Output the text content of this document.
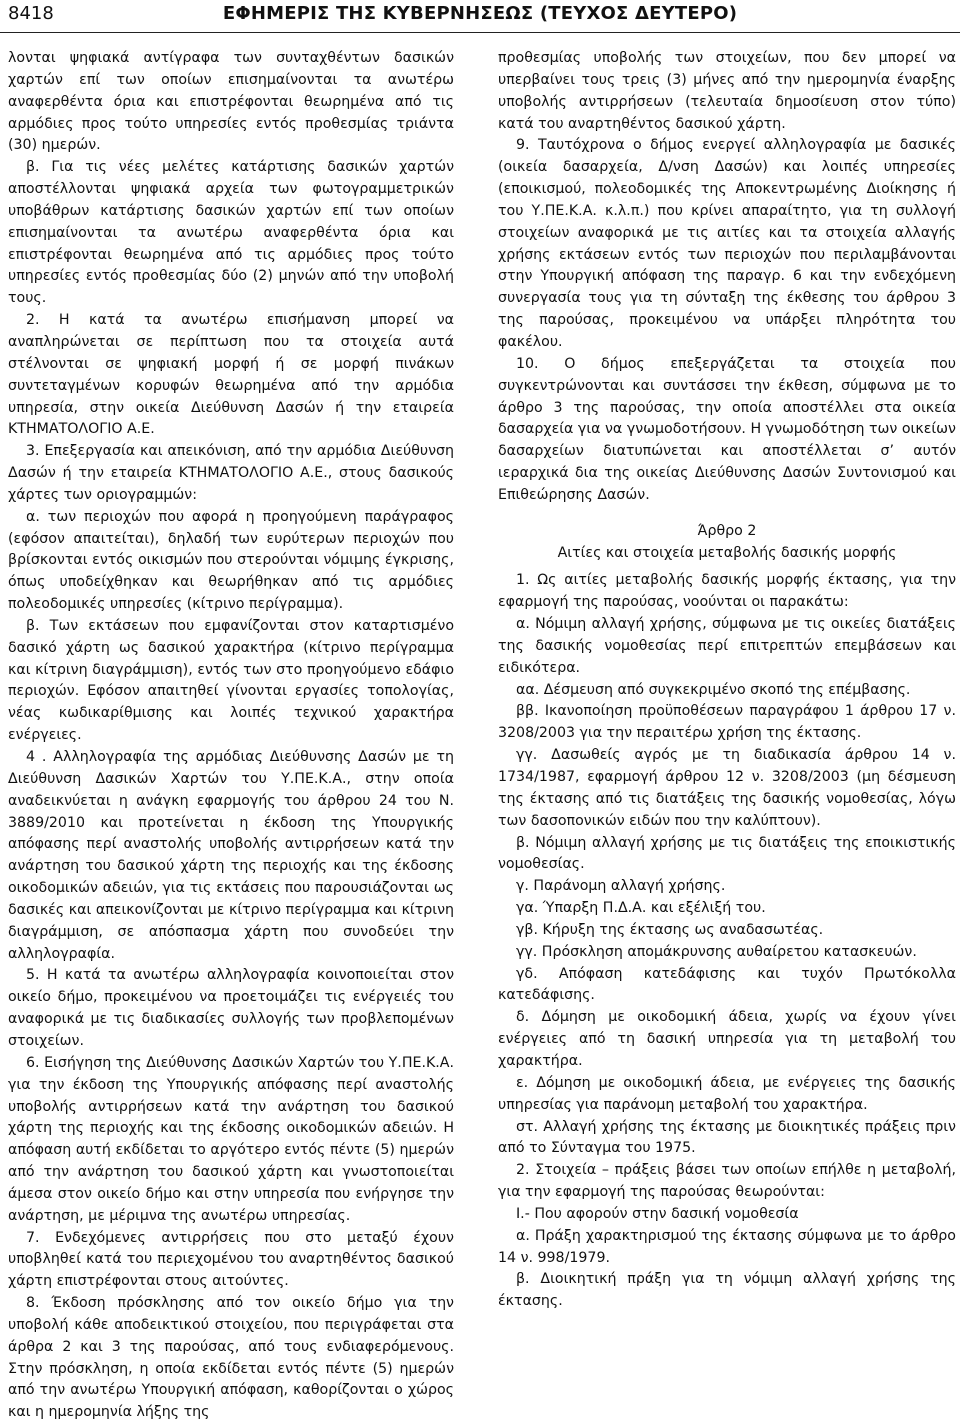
8418	ΕΦΗΜΕΡΙΣ ΤΗΣ ΚΥΒΕΡΝΗΣΕΩΣ (ΤΕΥΧΟΣ ΔΕΥΤΕΡΟ)

λονται ψηφιακά αντίγραφα των συνταχθέντων δασικών χαρτών επί των οποίων επισημαίνονται τα ανωτέρω αναφερθέντα όρια και επιστρέφονται θεωρημένα από τις αρμόδιες προς τούτο υπηρεσίες εντός προθεσμίας τριάντα (30) ημερών.

β. Για τις νέες μελέτες κατάρτισης δασικών χαρτών αποστέλλονται ψηφιακά αρχεία των φωτογραμμετρικών υποβάθρων κατάρτισης δασικών χαρτών επί των οποίων επισημαίνονται τα ανωτέρω αναφερθέντα όρια και επιστρέφονται θεωρημένα από τις αρμόδιες προς τούτο υπηρεσίες εντός προθεσμίας δύο (2) μηνών από την υποβολή τους.

2. Η κατά τα ανωτέρω επισήμανση μπορεί να αναπληρώνεται σε περίπτωση που τα στοιχεία αυτά στέλνονται σε ψηφιακή μορφή ή σε μορφή πινάκων συντεταγμένων κορυφών θεωρημένα από την αρμόδια υπηρεσία, στην οικεία Διεύθυνση Δασών ή την εταιρεία ΚΤΗΜΑΤΟΛΟΓΙΟ Α.Ε.

3. Επεξεργασία και απεικόνιση, από την αρμόδια Διεύθυνση Δασών ή την εταιρεία ΚΤΗΜΑΤΟΛΟΓΙΟ Α.Ε., στους δασικούς χάρτες των οριογραμμών:

α. των περιοχών που αφορά η προηγούμενη παράγραφος (εφόσον απαιτείται), δηλαδή των ευρύτερων περιοχών που βρίσκονται εντός οικισμών που στερούνται νόμιμης έγκρισης, όπως υποδείχθηκαν και θεωρήθηκαν από τις αρμόδιες πολεοδομικές υπηρεσίες (κίτρινο περίγραμμα).

β. Των εκτάσεων που εμφανίζονται στον καταρτισμένο δασικό χάρτη ως δασικού χαρακτήρα (κίτρινο περίγραμμα και κίτρινη διαγράμμιση), εντός των στο προηγούμενο εδάφιο περιοχών. Εφόσον απαιτηθεί γίνονται εργασίες τοπολογίας, νέας κωδικαρίθμισης και λοιπές τεχνικού χαρακτήρα ενέργειες.

4 . Αλληλογραφία της αρμόδιας Διεύθυνσης Δασών με τη Διεύθυνση Δασικών Χαρτών του Υ.ΠΕ.Κ.Α., στην οποία αναδεικνύεται η ανάγκη εφαρμογής του άρθρου 24 του Ν. 3889/2010 και προτείνεται η έκδοση της Υπουργικής απόφασης περί αναστολής υποβολής αντιρρήσεων κατά την ανάρτηση του δασικού χάρτη της περιοχής και της έκδοσης οικοδομικών αδειών, για τις εκτάσεις που παρουσιάζονται ως δασικές και απεικονίζονται με κίτρινο περίγραμμα και κίτρινη διαγράμμιση, σε απόσπασμα χάρτη που συνοδεύει την αλληλογραφία.

5. Η κατά τα ανωτέρω αλληλογραφία κοινοποιείται στον οικείο δήμο, προκειμένου να προετοιμάζει τις ενέργειές του αναφορικά με τις διαδικασίες συλλογής των προβλεπομένων στοιχείων.

6. Εισήγηση της Διεύθυνσης Δασικών Χαρτών του Υ.ΠΕ.Κ.Α. για την έκδοση της Υπουργικής απόφασης περί αναστολής υποβολής αντιρρήσεων κατά την ανάρτηση του δασικού χάρτη της περιοχής και της έκδοσης οικοδομικών αδειών. Η απόφαση αυτή εκδίδεται το αργότερο εντός πέντε (5) ημερών από την ανάρτηση του δασικού χάρτη και γνωστοποιείται άμεσα στον οικείο δήμο και στην υπηρεσία που ενήργησε την ανάρτηση, με μέριμνα της ανωτέρω υπηρεσίας.

7. Ενδεχόμενες αντιρρήσεις που στο μεταξύ έχουν υποβληθεί κατά του περιεχομένου του αναρτηθέντος δασικού χάρτη επιστρέφονται στους αιτούντες.

8. Έκδοση πρόσκλησης από τον οικείο δήμο για την υποβολή κάθε αποδεικτικού στοιχείου, που περιγράφεται στα άρθρα 2 και 3 της παρούσας, από τους ενδιαφερόμενους. Στην πρόσκληση, η οποία εκδίδεται εντός πέντε (5) ημερών από την ανωτέρω Υπουργική απόφαση, καθορίζονται ο χώρος και η ημερομηνία λήξης της

προθεσμίας υποβολής των στοιχείων, που δεν μπορεί να υπερβαίνει τους τρεις (3) μήνες από την ημερομηνία έναρξης υποβολής αντιρρήσεων (τελευταία δημοσίευση στον τύπο) κατά του αναρτηθέντος δασικού χάρτη.

9. Ταυτόχρονα ο δήμος ενεργεί αλληλογραφία με δασικές (οικεία δασαρχεία, Δ/νση Δασών) και λοιπές υπηρεσίες (εποικισμού, πολεοδομικές της Αποκεντρωμένης Διοίκησης ή του Υ.ΠΕ.Κ.Α. κ.λ.π.) που κρίνει απαραίτητο, για τη συλλογή στοιχείων αναφορικά με τις αιτίες και τα στοιχεία αλλαγής χρήσης εκτάσεων εντός των περιοχών που περιλαμβάνονται στην Υπουργική απόφαση της παραγρ. 6 και την ενδεχόμενη συνεργασία τους για τη σύνταξη της έκθεσης του άρθρου 3 της παρούσας, προκειμένου να υπάρξει πληρότητα του φακέλου.

10. Ο δήμος επεξεργάζεται τα στοιχεία που συγκεντρώνονται και συντάσσει την έκθεση, σύμφωνα με το άρθρο 3 της παρούσας, την οποία αποστέλλει στα οικεία δασαρχεία για να γνωμοδοτήσουν. Η γνωμοδότηση των οικείων δασαρχείων διατυπώνεται και αποστέλλεται σ’ αυτόν ιεραρχικά δια της οικείας Διεύθυνσης Δασών Συντονισμού και Επιθεώρησης Δασών.

Άρθρο 2

Αιτίες και στοιχεία μεταβολής δασικής μορφής

1. Ως αιτίες μεταβολής δασικής μορφής έκτασης, για την εφαρμογή της παρούσας, νοούνται οι παρακάτω:

α. Νόμιμη αλλαγή χρήσης, σύμφωνα με τις οικείες διατάξεις της δασικής νομοθεσίας περί επιτρεπτών επεμβάσεων και ειδικότερα.

αα. Δέσμευση από συγκεκριμένο σκοπό της επέμβασης.

ββ. Ικανοποίηση προϋποθέσεων παραγράφου 1 άρθρου 17 ν. 3208/2003 για την περαιτέρω χρήση της έκτασης.

γγ. Δασωθείς αγρός με τη διαδικασία άρθρου 14 ν. 1734/1987, εφαρμογή άρθρου 12 ν. 3208/2003 (μη δέσμευση της έκτασης από τις διατάξεις της δασικής νομοθεσίας, λόγω των δασοπονικών ειδών που την καλύπτουν).

β. Νόμιμη αλλαγή χρήσης με τις διατάξεις της εποικιστικής νομοθεσίας.

γ. Παράνομη αλλαγή χρήσης.

γα. Ύπαρξη Π.Δ.Α. και εξέλιξή του.

γβ. Κήρυξη της έκτασης ως αναδασωτέας.

γγ. Πρόσκληση απομάκρυνσης αυθαίρετου κατασκευών.

γδ. Απόφαση κατεδάφισης και τυχόν Πρωτόκολλα κατεδάφισης.

δ. Δόμηση με οικοδομική άδεια, χωρίς να έχουν γίνει ενέργειες από τη δασική υπηρεσία για τη μεταβολή του χαρακτήρα.

ε. Δόμηση με οικοδομική άδεια, με ενέργειες της δασικής υπηρεσίας για παράνομη μεταβολή του χαρακτήρα.

στ. Αλλαγή χρήσης της έκτασης με διοικητικές πράξεις πριν από το Σύνταγμα του 1975.

2. Στοιχεία – πράξεις βάσει των οποίων επήλθε η μεταβολή, για την εφαρμογή της παρούσας θεωρούνται:

Ι.- Που αφορούν στην δασική νομοθεσία

α. Πράξη χαρακτηρισμού της έκτασης σύμφωνα με το άρθρο 14 ν. 998/1979.

β. Διοικητική πράξη για τη νόμιμη αλλαγή χρήσης της έκτασης.
